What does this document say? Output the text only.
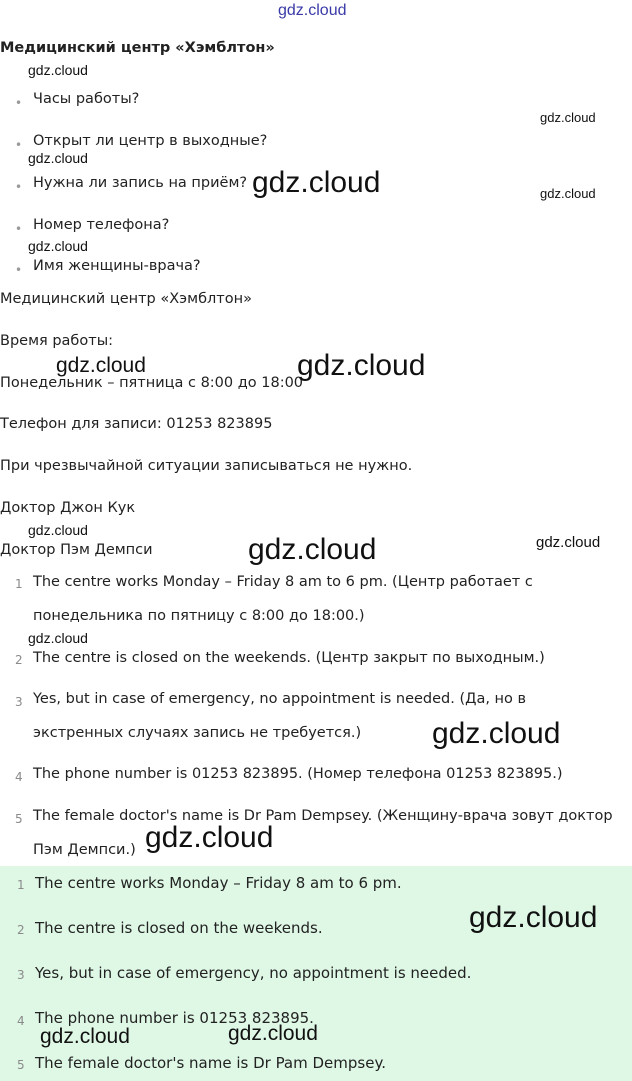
gdz.cloud
Медицинский центр «Хэмблтон»
• Часы работы?
• Открыт ли центр в выходные?
• Нужна ли запись на приём?
• Номер телефона?
• Имя женщины-врача?
Медицинский центр «Хэмблтон»
Время работы:
Понедельник – пятница с 8:00 до 18:00
Телефон для записи: 01253 823895
При чрезвычайной ситуации записываться не нужно.
Доктор Джон Кук
Доктор Пэм Демпси
1 The centre works Monday – Friday 8 am to 6 pm. (Центр работает с
понедельника по пятницу с 8:00 до 18:00.)
2 The centre is closed on the weekends. (Центр закрыт по выходным.)
3 Yes, but in case of emergency, no appointment is needed. (Да, но в
экстренных случаях запись не требуется.)
4 The phone number is 01253 823895. (Номер телефона 01253 823895.)
5 The female doctor's name is Dr Pam Dempsey. (Женщину-врача зовут доктор
Пэм Демпси.)
1 The centre works Monday – Friday 8 am to 6 pm.
2 The centre is closed on the weekends.
3 Yes, but in case of emergency, no appointment is needed.
4 The phone number is 01253 823895.
5 The female doctor's name is Dr Pam Dempsey.
gdz.cloud
gdz.cloud
gdz.cloud
gdz.cloud	gdz.cloud
gdz.cloud
gdz.cloud	gdz.cloud
gdz.cloud
gdz.cloud	gdz.cloud
gdz.cloud
gdz.cloud
gdz.cloud
gdz.cloud
gdz.cloud	gdz.cloud
